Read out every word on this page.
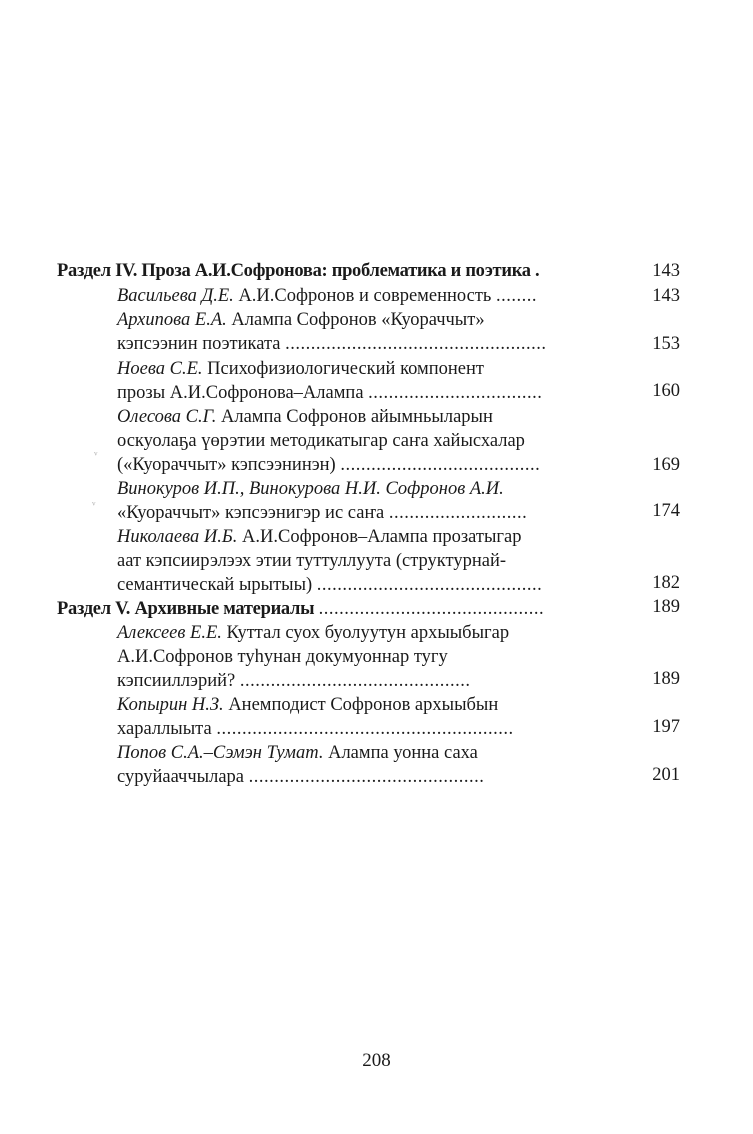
Раздел IV. Проза А.И.Софронова: проблематика и поэтика .	143
Васильева Д.Е. А.И.Софронов и современность ........	143
Архипова Е.А. Алампа Софронов «Куораччыт»
кэпсээнин поэтиката ...................................................	153
Ноева С.Е. Психофизиологический компонент
прозы А.И.Софронова–Алампа ..................................	160
Олесова С.Г. Алампа Софронов айымньыларын
оскуолаҕа үөрэтии методикатыгар саҥа хайысхалар
(«Куораччыт» кэпсээнинэн) .......................................	169
Винокуров И.П., Винокурова Н.И. Софронов А.И.
«Куораччыт» кэпсээнигэр ис саҥа ...........................	174
Николаева И.Б. А.И.Софронов–Алампа прозатыгар
аат кэпсиирэлээх этии туттуллуута (структурнай-
семантическай ырытыы) ............................................	182
Раздел V. Архивные материалы ............................................	189
Алексеев Е.Е. Куттал суох буолуутун архыыбыгар
А.И.Софронов туһунан докумуоннар тугу
кэпсииллэрий? .............................................	189
Копырин Н.З. Анемподист Софронов архыыбын
хараллыыта ..........................................................	197
Попов С.А.–Сэмэн Тумат. Алампа уонна саха
суруйааччылара ..............................................	201
ᵛ
ᵛ
208
